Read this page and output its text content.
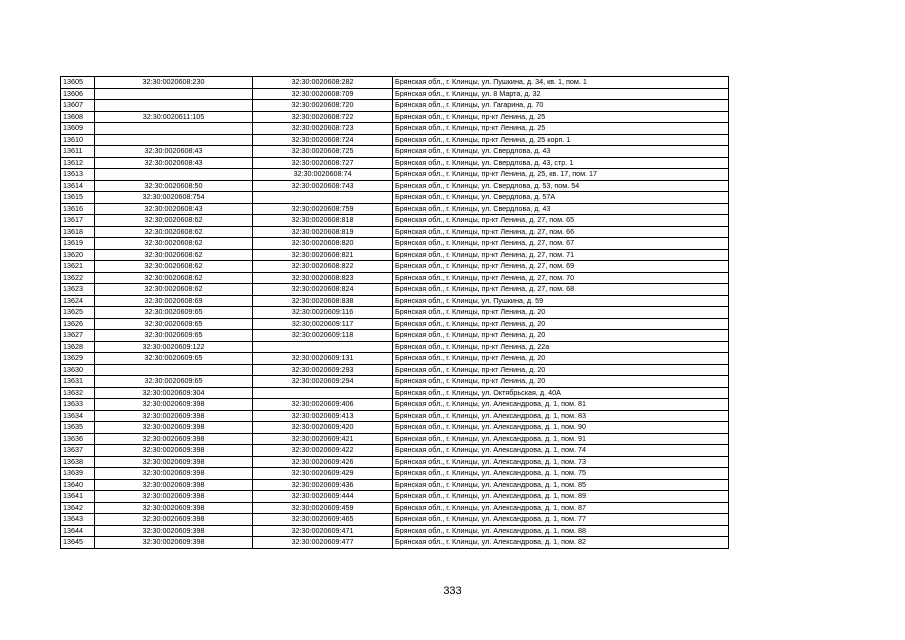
13605	32:30:0020608:230	32:30:0020608:282	Брянская обл., г. Клинцы, ул. Пушкина, д. 34, кв. 1, пом. 1
13606		32:30:0020608:709	Брянская обл., г. Клинцы, ул. 8 Марта, д. 32
13607		32:30:0020608:720	Брянская обл., г. Клинцы, ул. Гагарина, д. 70
13608	32:30:0020611:105	32:30:0020608:722	Брянская обл., г. Клинцы, пр-кт Ленина, д. 25
13609		32:30:0020608:723	Брянская обл., г. Клинцы, пр-кт Ленина, д. 25
13610		32:30:0020608:724	Брянская обл., г. Клинцы, пр-кт Ленина, д. 25 корп. 1
13611	32:30:0020608:43	32:30:0020608:725	Брянская обл., г. Клинцы, ул. Свердлова, д. 43
13612	32:30:0020608:43	32:30:0020608:727	Брянская обл., г. Клинцы, ул. Свердлова, д. 43, стр. 1
13613		32:30:0020608:74	Брянская обл., г. Клинцы, пр-кт Ленина, д. 25, кв. 17, пом. 17
13614	32:30:0020608:50	32:30:0020608:743	Брянская обл., г. Клинцы, ул. Свердлова, д. 53, пом. 54
13615	32:30:0020608:754		Брянская обл., г. Клинцы, ул. Свердлова, д. 57А
13616	32:30:0020608:43	32:30:0020608:759	Брянская обл., г. Клинцы, ул. Свердлова, д. 43
13617	32:30:0020608:62	32:30:0020608:818	Брянская обл., г. Клинцы, пр-кт Ленина, д. 27, пом. 65
13618	32:30:0020608:62	32:30:0020608:819	Брянская обл., г. Клинцы, пр-кт Ленина, д. 27, пом. 66
13619	32:30:0020608:62	32:30:0020608:820	Брянская обл., г. Клинцы, пр-кт Ленина, д. 27, пом. 67
13620	32:30:0020608:62	32:30:0020608:821	Брянская обл., г. Клинцы, пр-кт Ленина, д. 27, пом. 71
13621	32:30:0020608:62	32:30:0020608:822	Брянская обл., г. Клинцы, пр-кт Ленина, д. 27, пом. 69
13622	32:30:0020608:62	32:30:0020608:823	Брянская обл., г. Клинцы, пр-кт Ленина, д. 27, пом. 70
13623	32:30:0020608:62	32:30:0020608:824	Брянская обл., г. Клинцы, пр-кт Ленина, д. 27, пом. 68
13624	32:30:0020608:69	32:30:0020608:838	Брянская обл., г. Клинцы, ул. Пушкина, д. 59
13625	32:30:0020609:65	32:30:0020609:116	Брянская обл., г. Клинцы, пр-кт Ленина, д. 20
13626	32:30:0020609:65	32:30:0020609:117	Брянская обл., г. Клинцы, пр-кт Ленина, д. 20
13627	32:30:0020609:65	32:30:0020609:118	Брянская обл., г. Клинцы, пр-кт Ленина, д. 20
13628	32:30:0020609:122		Брянская обл., г. Клинцы, пр-кт Ленина, д. 22а
13629	32:30:0020609:65	32:30:0020609:131	Брянская обл., г. Клинцы, пр-кт Ленина, д. 20
13630		32:30:0020609:293	Брянская обл., г. Клинцы, пр-кт Ленина, д. 20
13631	32:30:0020609:65	32:30:0020609:294	Брянская обл., г. Клинцы, пр-кт Ленина, д. 20
13632	32:30:0020609:304		Брянская обл., г. Клинцы, ул. Октябрьская, д. 40А
13633	32:30:0020609:398	32:30:0020609:406	Брянская обл., г. Клинцы, ул. Александрова, д. 1, пом. 81
13634	32:30:0020609:398	32:30:0020609:413	Брянская обл., г. Клинцы, ул. Александрова, д. 1, пом. 83
13635	32:30:0020609:398	32:30:0020609:420	Брянская обл., г. Клинцы, ул. Александрова, д. 1, пом. 90
13636	32:30:0020609:398	32:30:0020609:421	Брянская обл., г. Клинцы, ул. Александрова, д. 1, пом. 91
13637	32:30:0020609:398	32:30:0020609:422	Брянская обл., г. Клинцы, ул. Александрова, д. 1, пом. 74
13638	32:30:0020609:398	32:30:0020609:426	Брянская обл., г. Клинцы, ул. Александрова, д. 1, пом. 73
13639	32:30:0020609:398	32:30:0020609:429	Брянская обл., г. Клинцы, ул. Александрова, д. 1, пом. 75
13640	32:30:0020609:398	32:30:0020609:436	Брянская обл., г. Клинцы, ул. Александрова, д. 1, пом. 85
13641	32:30:0020609:398	32:30:0020609:444	Брянская обл., г. Клинцы, ул. Александрова, д. 1, пом. 89
13642	32:30:0020609:398	32:30:0020609:459	Брянская обл., г. Клинцы, ул. Александрова, д. 1, пом. 87
13643	32:30:0020609:398	32:30:0020609:465	Брянская обл., г. Клинцы, ул. Александрова, д. 1, пом. 77
13644	32:30:0020609:398	32:30:0020609:471	Брянская обл., г. Клинцы, ул. Александрова, д. 1, пом. 88
13645	32:30:0020609:398	32:30:0020609:477	Брянская обл., г. Клинцы, ул. Александрова, д. 1, пом. 82
333
